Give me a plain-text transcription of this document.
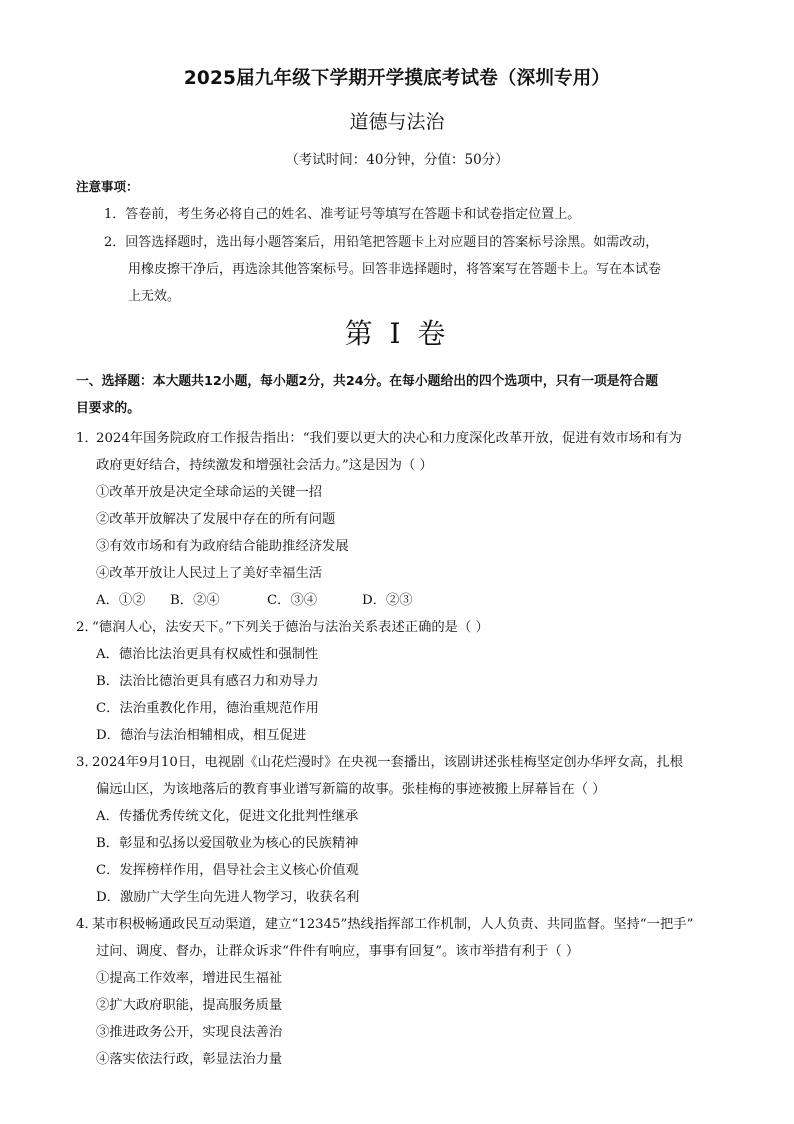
2025届九年级下学期开学摸底考试卷（深圳专用）
道德与法治
（考试时间：40分钟，分值：50分）
注意事项：
1．答卷前，考生务必将自己的姓名、准考证号等填写在答题卡和试卷指定位置上。
2．回答选择题时，选出每小题答案后，用铅笔把答题卡上对应题目的答案标号涂黑。如需改动，
用橡皮擦干净后，再选涂其他答案标号。回答非选择题时，将答案写在答题卡上。写在本试卷
上无效。
第 I 卷
一、选择题：本大题共12小题，每小题2分，共24分。在每小题给出的四个选项中，只有一项是符合题
目要求的。
1．
2024年国务院政府工作报告指出：“我们要以更大的决心和力度深化改革开放，促进有效市场和有为
政府更好结合，持续激发和增强社会活力。”这是因为（ ）
①改革开放是决定全球命运的关键一招
②改革开放解决了发展中存在的所有问题
③有效市场和有为政府结合能助推经济发展
④改革开放让人民过上了美好幸福生活
A．①② B．②④	C．③④	D．②③
2．
“德润人心，法安天下。”下列关于德治与法治关系表述正确的是（ ）
A．德治比法治更具有权威性和强制性
B．法治比德治更具有感召力和劝导力
C．法治重教化作用，德治重规范作用
D．德治与法治相辅相成，相互促进
3．
2024年9月10日，电视剧《山花烂漫时》在央视一套播出，该剧讲述张桂梅坚定创办华坪女高，扎根
偏远山区，为该地落后的教育事业谱写新篇的故事。张桂梅的事迹被搬上屏幕旨在（ ）
A．传播优秀传统文化，促进文化批判性继承
B．彰显和弘扬以爱国敬业为核心的民族精神
C．发挥榜样作用，倡导社会主义核心价值观
D．激励广大学生向先进人物学习，收获名利
4．
某市积极畅通政民互动渠道，建立“12345”热线指挥部工作机制，人人负责、共同监督。坚持“一把手”
过问、调度、督办，让群众诉求“件件有响应，事事有回复”。该市举措有利于（ ）
①提高工作效率，增进民生福祉
②扩大政府职能，提高服务质量
③推进政务公开，实现良法善治
④落实依法行政，彰显法治力量
